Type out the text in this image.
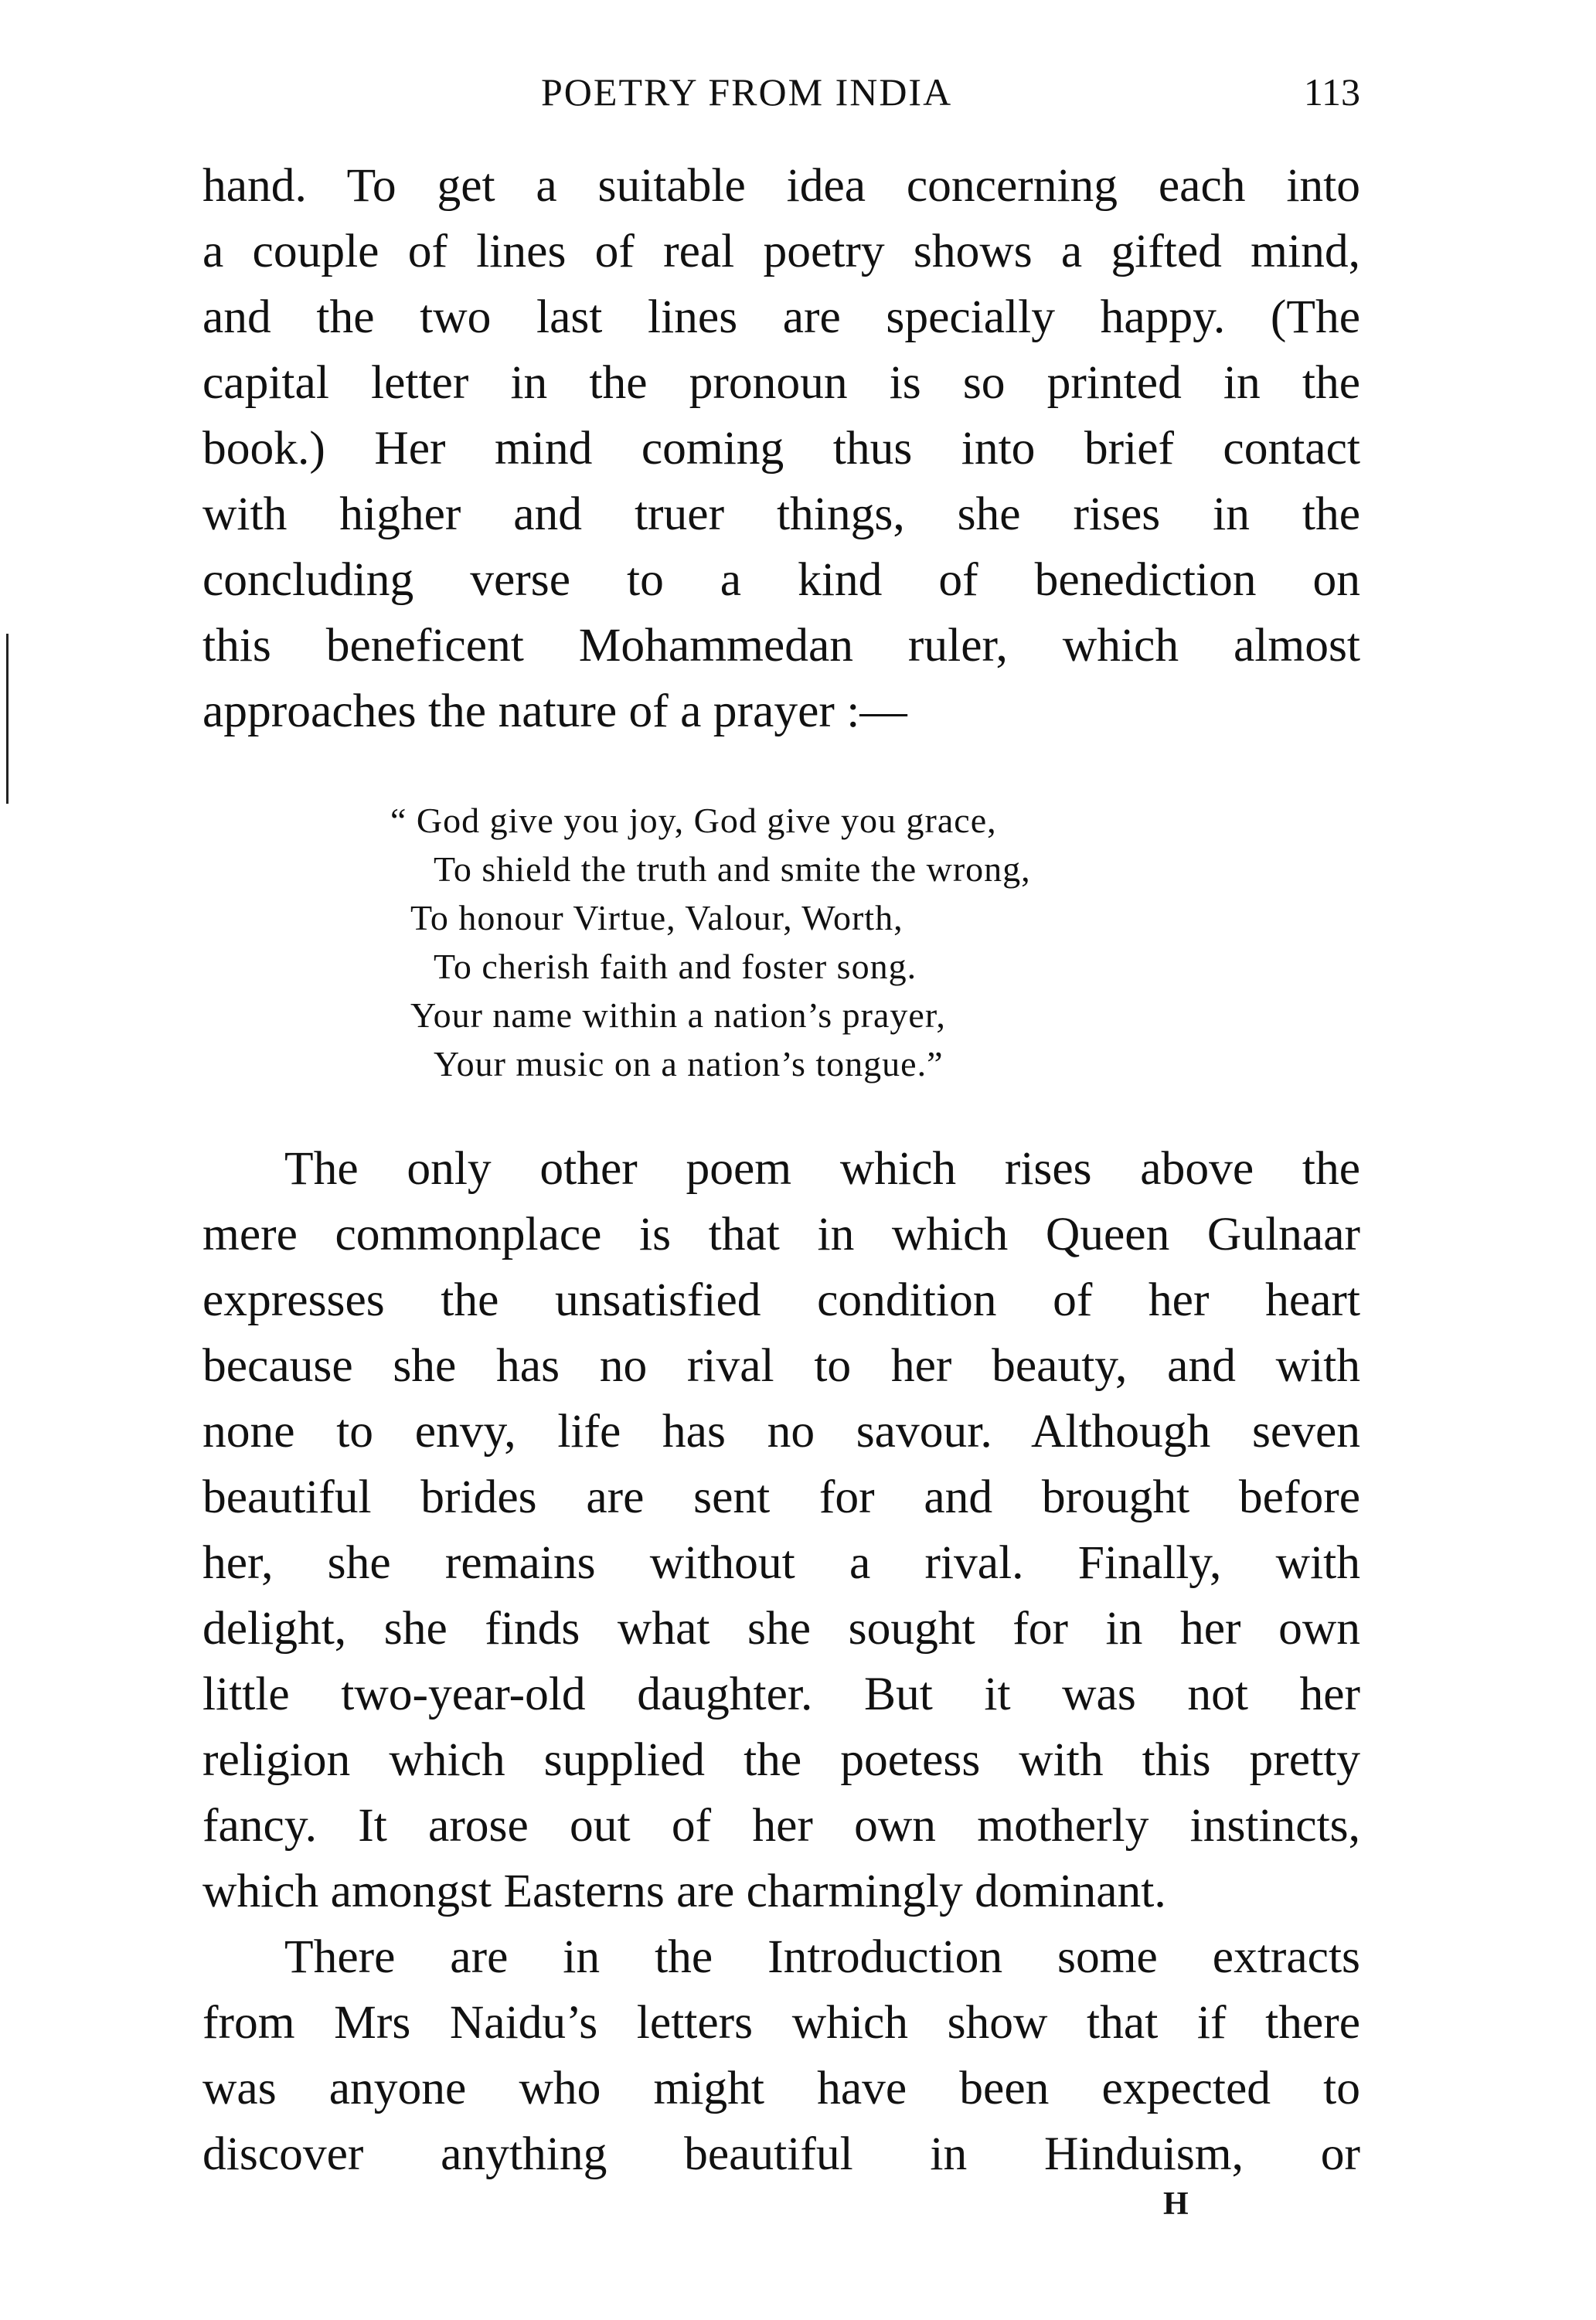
POETRY FROM INDIA	113
hand. To get a suitable idea concerning each into
a couple of lines of real poetry shows a gifted mind,
and the two last lines are specially happy. (The
capital letter in the pronoun is so printed in the
book.) Her mind coming thus into brief contact
with higher and truer things, she rises in the
concluding verse to a kind of benediction on
this beneficent Mohammedan ruler, which almost
approaches the nature of a prayer :—
The only other poem which rises above the
mere commonplace is that in which Queen Gulnaar
expresses the unsatisfied condition of her heart
because she has no rival to her beauty, and with
none to envy, life has no savour. Although seven
beautiful brides are sent for and brought before
her, she remains without a rival. Finally, with
delight, she finds what she sought for in her own
little two-year-old daughter. But it was not her
religion which supplied the poetess with this pretty
fancy. It arose out of her own motherly instincts,
which amongst Easterns are charmingly dominant.
There are in the Introduction some extracts
from Mrs Naidu’s letters which show that if there
was anyone who might have been expected to
discover anything beautiful in Hinduism, or
“ God give you joy, God give you grace,
To shield the truth and smite the wrong,
To honour Virtue, Valour, Worth,
To cherish faith and foster song.
Your name within a nation’s prayer,
Your music on a nation’s tongue.”
H
